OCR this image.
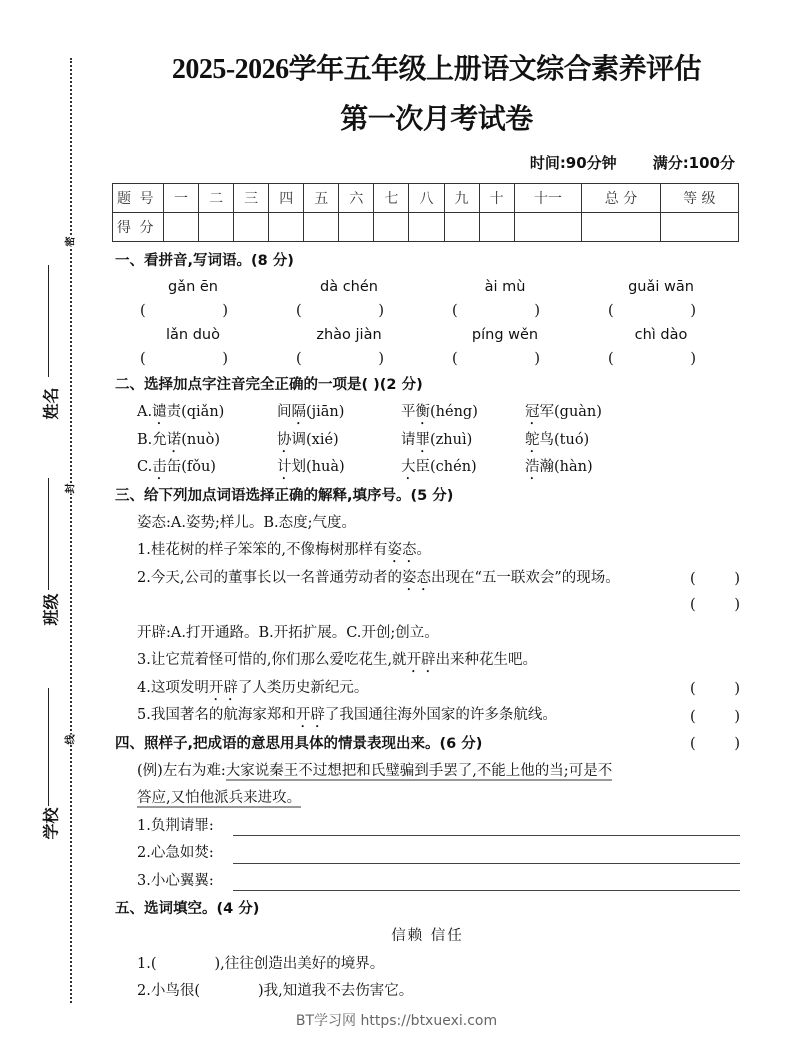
密
封
线
姓名
班级
学校
2025-2026学年五年级上册语文综合素养评估
第一次月考试卷
时间:90分钟 满分:100分
题 号	一	二	三	四	五	六	七	八	九	十	十一	总 分	等 级
得 分													
一、看拼音,写词语。(8 分)
gǎn ēn	dà chén	ài mù	guǎi wān
(	)	(	)	(	)	(	)
lǎn duò	zhào jiàn	píng wěn	chì dào
(	)	(	)	(	)	(	)
二、选择加点字注音完全正确的一项是( )(2 分)
A.谴责(qiǎn)	间隔(jiān)	平衡(héng)	冠军(guàn)
B.允诺(nuò)	协调(xié)	请罪(zhuì)	鸵鸟(tuó)
C.击缶(fǒu)	计划(huà)	大臣(chén)	浩瀚(hàn)
三、给下列加点词语选择正确的解释,填序号。(5 分)
姿态:A.姿势;样儿。B.态度;气度。
1.桂花树的样子笨笨的,不像梅树那样有姿态。
(	)
2.今天,公司的董事长以一名普通劳动者的姿态出现在“五一联欢会”的现场。
(	)
开辟:A.打开通路。B.开拓扩展。C.开创;创立。
3.让它荒着怪可惜的,你们那么爱吃花生,就开辟出来种花生吧。
(	)
4.这项发明开辟了人类历史新纪元。
(	)
5.我国著名的航海家郑和开辟了我国通往海外国家的许多条航线。
(	)
四、照样子,把成语的意思用具体的情景表现出来。(6 分)
(例)左右为难:大家说秦王不过想把和氏璧骗到手罢了,不能上他的当;可是不
答应,又怕他派兵来进攻。
1.负荆请罪:
2.心急如焚:
3.小心翼翼:
五、选词填空。(4 分)
信赖 信任
1.(	),往往创造出美好的境界。
2.小鸟很(	)我,知道我不去伤害它。
BT学习网 https://btxuexi.com
